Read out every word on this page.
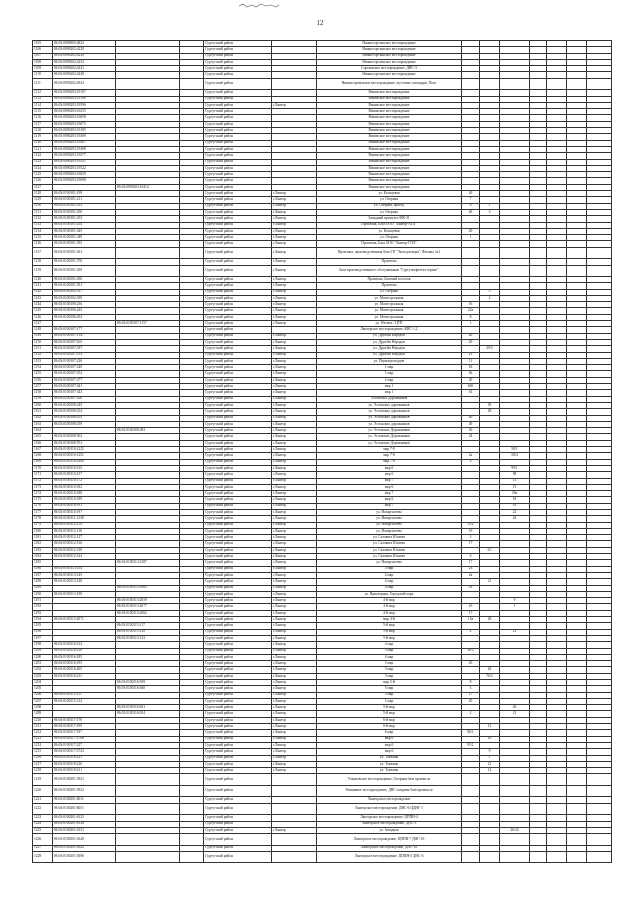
12
1105	86:03:0000000:4823			Сургутский район		Нижнесортымское месторождение							
1106	86:03:0090202:4229			Сургутский район		Нижнесортымское месторождение							
1107	86:03:0090202:4230			Сургутский район		Нижнесортымское месторождение							
1108	86:03:0090202:4232			Сургутский район		Нижнесортымское месторождение							
1109	86:03:0090202:4241			Сургутский район		Сортымское месторождение, ДНС-3							
1110	86:03:0090202:4249			Сургутский район		Нижнесортымское месторождение							
1111	86:03:0090202:4924			Сургутский район		Нижнесортымское месторождение, кустовые площадки, Пояс							
1112	86:03:0090203:19197			Сургутский район		Вачимское месторождение							
1113	86:03:0090203:19198			Сургутский район		Вачимское месторождение							
1114	86:03:0090203:19596			Сургутский район	г.Лянтор	Вачимское месторождение							
1115	86:03:0090203:16415			Сургутский район		Вачимское месторождение							
1116	86:03:0090203:16658			Сургутский район		Вачимское месторождение							
1117	86:03:0090203:19675			Сургутский район		Вачимское месторождение							
1118	86:03:0090203:19185			Сургутский район		Вачимское месторождение							
1119	86:03:0090203:19409			Сургутский район		Вачимское месторождение							
1120	86:03:0090203:19407			Сургутский район		Вачимское месторождение							
1121	86:03:0090203:19408			Сургутский район		Вачимское месторождение							
1122	86:03:0090203:19577			Сургутский район		Вачимское месторождение							
1123	86:03:0090203:19521			Сургутский район		Вачимское месторождение							
1124	86:03:0090203:19522			Сургутский район		Вачимское месторождение							
1125	86:03:0090203:16659			Сургутский район		Вачимское месторождение							
1126	86:03:0090203:19698			Сургутский район		Вачимское месторождение							
1127		86:03:0090203:16412		Сургутский район		Вачимское месторождение							
1128	86:03:0100101:199			Сургутский район	г.Лянтор	ул. Кольцевая	26						
1129	86:03:0100101:211			Сургутский район	г.Лянтор	ул. Озерная	7						
1130	86:03:0100101:233			Сургутский район	г.Лянтор	ул. Озерная, проезд	8	1					
1131	86:03:0100101:250			Сургутский район	г.Лянтор	ул. Озерная	46	3					
1132	86:03:0100101:253			Сургутский район	г.Лянтор	Западный промузел МК-31							
1133	86:03:0100101:254			Сургутский район	г.Лянтор	Промзона, База ООО "Лянтор-АТП"							
1134	86:03:0100101:345			Сургутский район	г.Лянтор	ул. Кольцевая	20						
1135	86:03:0100101:349			Сургутский район	г.Лянтор	ул. Озерная	1						
1136	86:03:0100101:355			Сургутский район	г.Лянтор	Промзона, База ООО "Лянтор-ГПЛ"							
1137	86:03:0100101:361			Сургутский район	г.Лянтор	Промзона, производственная база ГП "Эксплуатация", Филиал №1							
1138	86:03:0100101:376			Сургутский район	г.Лянтор	Промзона							
1139	86:03:0100101:439			Сургутский район	г.Лянтор	База производственного обслуживания "Сургутнефтегаз-сервис"							
1140	86:03:0100101:450			Сургутский район	г.Лянтор	Промзона, Базовый поселок							
1141	86:03:0100101:531			Сургутский район	г.Лянтор	Промзона							
1142	86:03:0100102:337			Сургутский район	г.Лянтор	ул. Озерная		5					
1143	86:03:0100102:339			Сургутский район	г.Лянтор	ул. Магистральная		2					
1144	86:03:0100106:236			Сургутский район	г.Лянтор	ул. Магистральная	16						
1145	86:03:0100106:245			Сургутский район	г.Лянтор	ул. Магистральная	22а						
1146	86:03:0100106:253			Сургутский район	г.Лянтор	ул. Магистральная	8						
1147		86:03:0100107:1157		Сургутский район	г.Лянтор	ул. Western / ЦТП	1						
1148	86:03:0100107:177			Сургутский район		Лянторское месторождение, КНС-1,2							
1149	86:03:0100107:1147			Сургутский район	г.Лянтор	ул. Дружбы Народов	26						
1150	86:03:0100107:165			Сургутский район	г.Лянтор	ул. Дружбы Народов	29						
1151	86:03:0100107:187			Сургутский район	г.Лянтор	ул. Дружбы Народов		29/2					
1152	86:03:0100107:193			Сургутский район	г.Лянтор	ул. Дружбы Народов	23						
1153	86:03:0100107:226			Сургутский район	г.Лянтор	ул. Первопроходцев	11						
1154	86:03:0100107:249			Сургутский район	г.Лянтор	1 мкр	63						
1155	86:03:0100107:252			Сургутский район	г.Лянтор	1 мкр	46						
1156	86:03:0100107:277			Сургутский район	г.Лянтор	2 мкр	30						
1157	86:03:0100107:341			Сургутский район	г.Лянтор	мкр 1	60б						
1158	86:03:0100107:343			Сургутский район	г.Лянтор	мкр 1	61						
1159	86:03:0100107:350			Сургутский район	г.Лянтор	Эстонских Дорожников							
1160	86:03:0100108:245			Сургутский район	г.Лянтор	ул. Эстонских дорожников		30					
1161	86:03:0100108:254			Сургутский район	г.Лянтор	ул. Эстонских дорожников		28					
1162	86:03:0100108:255			Сургутский район	г.Лянтор	ул. Эстонских дорожников	40						
1163	86:03:0100108:259			Сургутский район	г.Лянтор	ул. Эстонских дорожников	49						
1164		86:03:0100108:493		Сургутский район	г.Лянтор	ул. Эстонских Дорожников	26						
1165	86:03:0100108:562			Сургутский район	г.Лянтор	ул. Эстонских Дорожников	24						
1166	86:03:0100108:701			Сургутский район	г.Лянтор	ул. Эстонских Дорожников							
1167	86:03:0100110:1225			Сургутский район	г.Лянтор	мкр 7-8			58/1				
1168	86:03:0100110:1251			Сургутский район	г.Лянтор	мкр 7-8	2а		58/4				
1169	86:03:0100110:1464			Сургутский район	г.Лянтор	мкр 7-8	4						
1170	86:03:0100110:155			Сургутский район	г.Лянтор	мкр 6			99/1				
1171	86:03:0100110:157			Сургутский район	г.Лянтор	мкр 6			98				
1172	86:03:0100110:172			Сургутский район	г.Лянтор	мкр 7			13				
1173	86:03:0100110:182			Сургутский район	г.Лянтор	мкр 6			15				
1174	86:03:0100110:188			Сургутский район	г.Лянтор	мкр 7			30а				
1175	86:03:0100110:189			Сургутский район	г.Лянтор	мкр 6			18				
1176	86:03:0100110:191			Сургутский район	г.Лянтор	мкр 7			01				
1177	86:03:0100110:197			Сургутский район	г.Лянтор	ул. Назаргалеева			22				
1178	86:03:0100111:1238			Сургутский район	г.Лянтор	ул. Назаргалеева			24				
1179	86:03:0100112:114			Сургутский район	г.Лянтор	ул. Назаргалеева	12/1						
1180	86:03:0100112:116			Сургутский район	г.Лянтор	ул. Назаргалеева	19						
1181	86:03:0100112:127			Сургутский район	г.Лянтор	ул. Салавата Юлаева	3						
1182	86:03:0100112:136			Сургутский район	г.Лянтор	ул. Салавата Юлаева	17						
1183	86:03:0100112:138			Сургутский район	г.Лянтор	ул. Салавата Юлаева		3/1					
1184	86:03:0100112:144			Сургутский район	г.Лянтор	ул. Салавата Юлаева	6						
1185		86:03:0100113:1387		Сургутский район	г.Лянтор	ул. Назаргалеева	17						
1186	86:03:0100113:134			Сургутский район	г.Лянтор	3 мкр	23						
1187	86:03:0100113:145			Сургутский район	г.Лянтор	4 мкр	2а						
1188	86:03:0100113:148			Сургутский район	г.Лянтор	4 мкр		21					
1189		86:03:0100113:1863		Сургутский район	г.Лянтор	4 мкр	18						
1190	86:03:0100113:198			Сургутский район	г.Лянтор	ул. Приозерная, Городской парк							
1191		86:03:0100113:2059		Сургутский район	г.Лянтор	4-й мкр			9				
1192		86:03:0100113:2077		Сургутский район	г.Лянтор	4-й мкр	16		1				
1193		86:03:0100113:2062		Сургутский район	г.Лянтор	4-й мкр	17						
1194	86:03:0100115:2071			Сургутский район	г.Лянтор	мкр 4-й	15а	28					
1195		86:03:0100115:117		Сургутский район	г.Лянтор	5-й мкр							
1196		86:03:0100115:130		Сургутский район	г.Лянтор	5-й мкр	2		21				
1197		86:03:0100115:133		Сургутский район	г.Лянтор	5-й мкр							
1198	86:03:0100116:132			Сургутский район	г.Лянтор	4 мкр							
1199	86:03:0100116:158			Сургутский район	г.Лянтор	3 мкр	36/3						
1200	86:03:0100116:185			Сургутский район	г.Лянтор	4 мкр							
1201	86:03:0100116:195			Сургутский район	г.Лянтор	5 мкр	45						
1202	86:03:0100116:205			Сургутский район	г.Лянтор	3 мкр		62					
1203	86:03:0100116:211			Сургутский район	г.Лянтор	3 мкр		76/2					
1204		86:03:0100116:939		Сургутский район	г.Лянтор	мкр 5-й	8						
1205		86:03:0100116:940		Сургутский район	г.Лянтор	5 мкр	3						
1206	86:03:0100115:111			Сургутский район	г.Лянтор	5 мкр	17						
1207	86:03:0100115:122			Сургутский район	г.Лянтор	5 мкр	20						
1208		86:03:0100116:841		Сургутский район	г.Лянтор	5-й мкр			26				
1209		86:03:0100116:934		Сургутский район	г.Лянтор	5-й мкр	2		21				
1210	86:03:0100117:178			Сургутский район	г.Лянтор	6-й мкр							
1211	86:03:0100117:199			Сургутский район	г.Лянтор	6-й мкр		13					
1212	86:03:0100117:197			Сургутский район	г.Лянтор	6 мкр	96/1						
1213	86:03:0100117:3706			Сургутский район	г.Лянтор	мкр 6		16					
1214	86:03:0100117:227			Сургутский район	г.Лянтор	мкр 6	95/1						
1215	86:03:0100117:3723			Сургутский район	г.Лянтор	мкр 6		9					
1216	86:03:0100118:221			Сургутский район	г.Лянтор	ул. Таежная		1					
1217	86:03:0100118:226			Сургутский район	г.Лянтор	ул. Таежная		21					
1218	86:03:0100118:231			Сургутский район	г.Лянтор	ул. Таежная		14					
1219	86:03:0100201:5921			Сургутский район		Ульяновское месторождение, Опорная база промысла							
1220	86:03:0100201:5922			Сургутский район		Равнинное месторождение, ДНС опорная база промысла							
1221	86:03:0100201:6011			Сургутский район		Лянторское месторождение							
1222	86:03:0100201:6051			Сургутский район		Лянторское месторождение, ДНС-6 ЦДНГ-1							
1223	86:03:0100201:6125			Сургутский район		Лянторское месторождение, ЦППН-4							
1224	86:03:0100201:6126			Сургутский район		Лянторское месторождение, ДНС-3							
1225	86:03:0100201:6131			Сургутский район	г.Лянтор	ул. Западная			26/24				
1226	86:03:0100201:6320			Сургутский район		Лянторское месторождение, ЦППН-7 ДНС-16							
1227	86:03:0100201:6322			Сургутский район		Лянторское месторождение, ДНС-16							
1228	86:03:0100201:6396			Сургутский район		Лянторское месторождение, ЦППН-3 ДНС-6							
